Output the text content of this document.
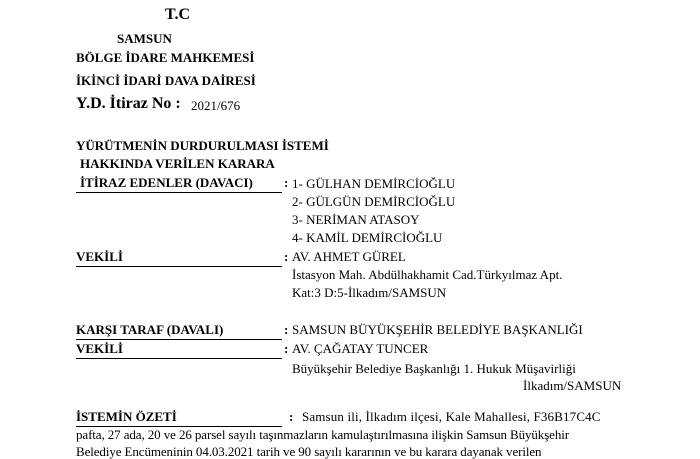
T.C
SAMSUN
BÖLGE İDARE MAHKEMESİ
İKİNCİ İDARİ DAVA DAİRESİ
Y.D. İtiraz No : 2021/676
YÜRÜTMENİN DURDURULMASI İSTEMİ
HAKKINDA VERİLEN KARARA
İTİRAZ EDENLER (DAVACI) : 1- GÜLHAN DEMİRCİOĞLU
2- GÜLGÜN DEMİRCİOĞLU
3- NERİMAN ATASOY
4- KAMİL DEMİRCİOĞLU
VEKİLİ	: AV. AHMET GÜREL
İstasyon Mah. Abdülhakhamit Cad.Türkyılmaz Apt.
Kat:3 D:5-İlkadım/SAMSUN
KARŞI TARAF (DAVALI)	: SAMSUN BÜYÜKŞEHİR BELEDİYE BAŞKANLIĞI
VEKİLİ	: AV. ÇAĞATAY TUNCER
Büyükşehir Belediye Başkanlığı 1. Hukuk Müşavirliği
İlkadım/SAMSUN
İSTEMİN ÖZETİ	: Samsun ili, İlkadım ilçesi, Kale Mahallesi, F36B17C4C
pafta, 27 ada, 20 ve 26 parsel sayılı taşınmazların kamulaştırılmasına ilişkin Samsun Büyükşehir
Belediye Encümeninin 04.03.2021 tarih ve 90 sayılı kararının ve bu karara dayanak verilen
